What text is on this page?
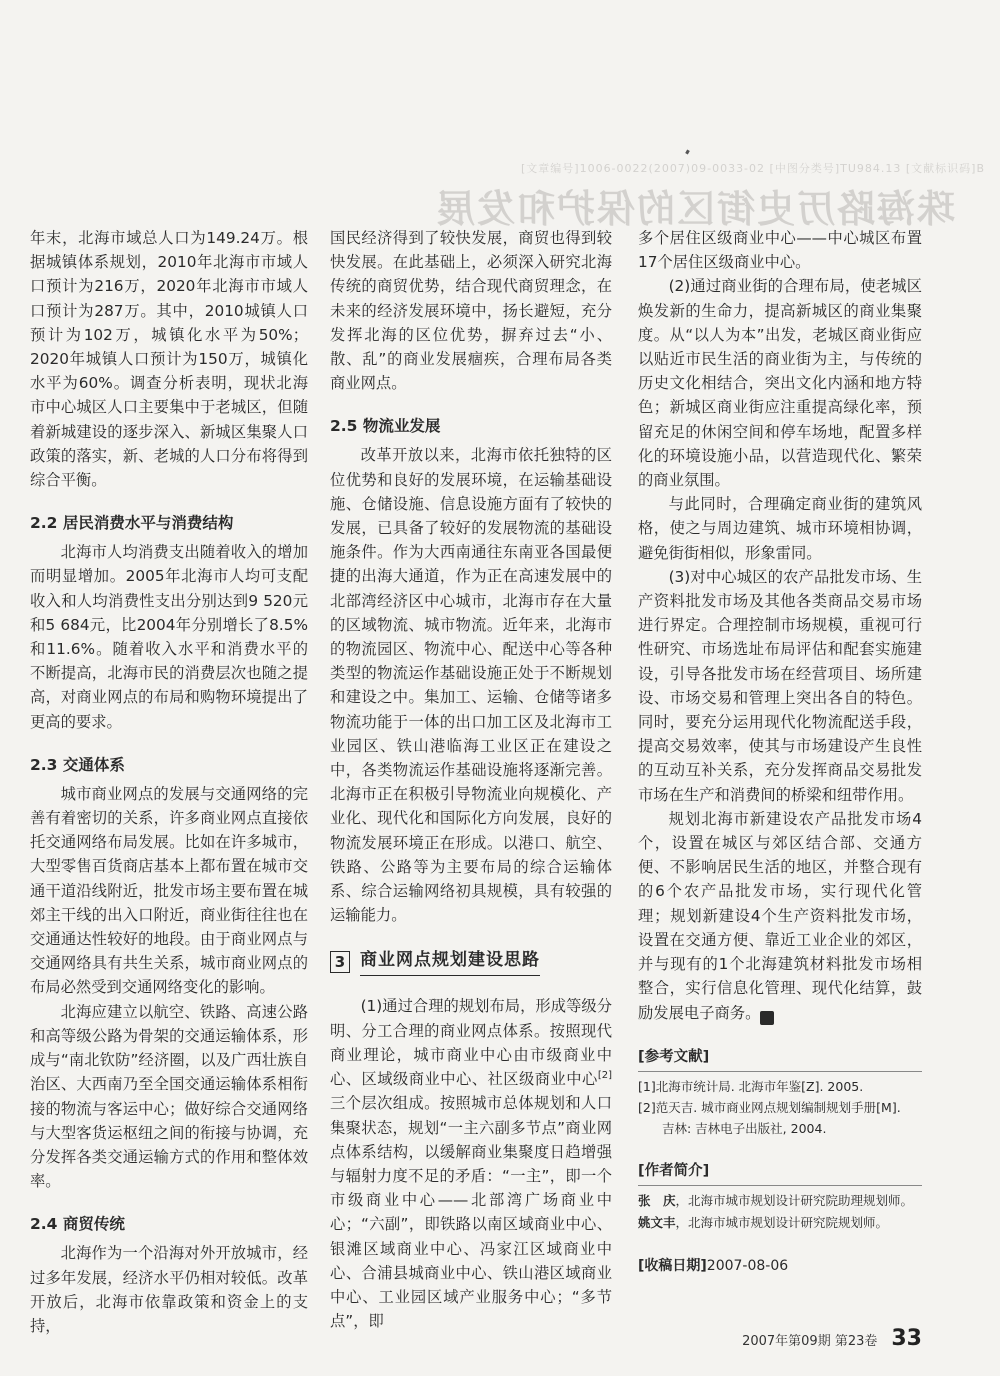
[文章编号]1006-0022(2007)09-0033-02 [中图分类号]TU984.13 [文献标识码]B
珠海路历史街区的保护和发展

年末，北海市域总人口为149.24万。根据城镇体系规划，2010年北海市市域人口预计为216万，2020年北海市市域人口预计为287万。其中，2010城镇人口预计为102万，城镇化水平为50%；2020年城镇人口预计为150万，城镇化水平为60%。调查分析表明，现状北海市中心城区人口主要集中于老城区，但随着新城建设的逐步深入、新城区集聚人口政策的落实，新、老城的人口分布将得到综合平衡。

2.2 居民消费水平与消费结构

北海市人均消费支出随着收入的增加而明显增加。2005年北海市人均可支配收入和人均消费性支出分别达到9 520元和5 684元，比2004年分别增长了8.5%和11.6%。随着收入水平和消费水平的不断提高，北海市民的消费层次也随之提高，对商业网点的布局和购物环境提出了更高的要求。

2.3 交通体系

城市商业网点的发展与交通网络的完善有着密切的关系，许多商业网点直接依托交通网络布局发展。比如在许多城市，大型零售百货商店基本上都布置在城市交通干道沿线附近，批发市场主要布置在城郊主干线的出入口附近，商业街往往也在交通通达性较好的地段。由于商业网点与交通网络具有共生关系，城市商业网点的布局必然受到交通网络变化的影响。

北海应建立以航空、铁路、高速公路和高等级公路为骨架的交通运输体系，形成与“南北钦防”经济圈，以及广西壮族自治区、大西南乃至全国交通运输体系相衔接的物流与客运中心；做好综合交通网络与大型客货运枢纽之间的衔接与协调，充分发挥各类交通运输方式的作用和整体效率。

2.4 商贸传统

北海作为一个沿海对外开放城市，经过多年发展，经济水平仍相对较低。改革开放后，北海市依靠政策和资金上的支持，

国民经济得到了较快发展，商贸也得到较快发展。在此基础上，必须深入研究北海传统的商贸优势，结合现代商贸理念，在未来的经济发展环境中，扬长避短，充分发挥北海的区位优势，摒弃过去“小、散、乱”的商业发展痼疾，合理布局各类商业网点。

2.5 物流业发展

改革开放以来，北海市依托独特的区位优势和良好的发展环境，在运输基础设施、仓储设施、信息设施方面有了较快的发展，已具备了较好的发展物流的基础设施条件。作为大西南通往东南亚各国最便捷的出海大通道，作为正在高速发展中的北部湾经济区中心城市，北海市存在大量的区域物流、城市物流。近年来，北海市的物流园区、物流中心、配送中心等各种类型的物流运作基础设施正处于不断规划和建设之中。集加工、运输、仓储等诸多物流功能于一体的出口加工区及北海市工业园区、铁山港临海工业区正在建设之中，各类物流运作基础设施将逐渐完善。北海市正在积极引导物流业向规模化、产业化、现代化和国际化方向发展，良好的物流发展环境正在形成。以港口、航空、铁路、公路等为主要布局的综合运输体系、综合运输网络初具规模，具有较强的运输能力。

3 商业网点规划建设思路

(1)通过合理的规划布局，形成等级分明、分工合理的商业网点体系。按照现代商业理论，城市商业中心由市级商业中心、区域级商业中心、社区级商业中心[2]三个层次组成。按照城市总体规划和人口集聚状态，规划“一主六副多节点”商业网点体系结构，以缓解商业集聚度日趋增强与辐射力度不足的矛盾：“一主”，即一个市级商业中心——北部湾广场商业中心；“六副”，即铁路以南区域商业中心、银滩区域商业中心、冯家江区域商业中心、合浦县城商业中心、铁山港区域商业中心、工业园区域产业服务中心；“多节点”，即

多个居住区级商业中心——中心城区布置17个居住区级商业中心。

(2)通过商业街的合理布局，使老城区焕发新的生命力，提高新城区的商业集聚度。从“以人为本”出发，老城区商业街应以贴近市民生活的商业街为主，与传统的历史文化相结合，突出文化内涵和地方特色；新城区商业街应注重提高绿化率，预留充足的休闲空间和停车场地，配置多样化的环境设施小品，以营造现代化、繁荣的商业氛围。

与此同时，合理确定商业街的建筑风格，使之与周边建筑、城市环境相协调，避免街街相似，形象雷同。

(3)对中心城区的农产品批发市场、生产资料批发市场及其他各类商品交易市场进行界定。合理控制市场规模，重视可行性研究、市场选址布局评估和配套实施建设，引导各批发市场在经营项目、场所建设、市场交易和管理上突出各自的特色。同时，要充分运用现代化物流配送手段，提高交易效率，使其与市场建设产生良性的互动互补关系，充分发挥商品交易批发市场在生产和消费间的桥梁和纽带作用。

规划北海市新建设农产品批发市场4个，设置在城区与郊区结合部、交通方便、不影响居民生活的地区，并整合现有的6个农产品批发市场，实行现代化管理；规划新建设4个生产资料批发市场，设置在交通方便、靠近工业企业的郊区，并与现有的1个北海建筑材料批发市场相整合，实行信息化管理、现代化结算，鼓励发展电子商务。	C

[参考文献]
[1]北海市统计局. 北海市年鉴[Z]. 2005.
[2]范天吉. 城市商业网点规划编制规划手册[M].
吉林: 吉林电子出版社, 2004.
[作者简介]
张　庆，北海市城市规划设计研究院助理规划师。
姚文丰，北海市城市规划设计研究院规划师。
[收稿日期]2007-08-06
2007年第09期 第23卷 33
